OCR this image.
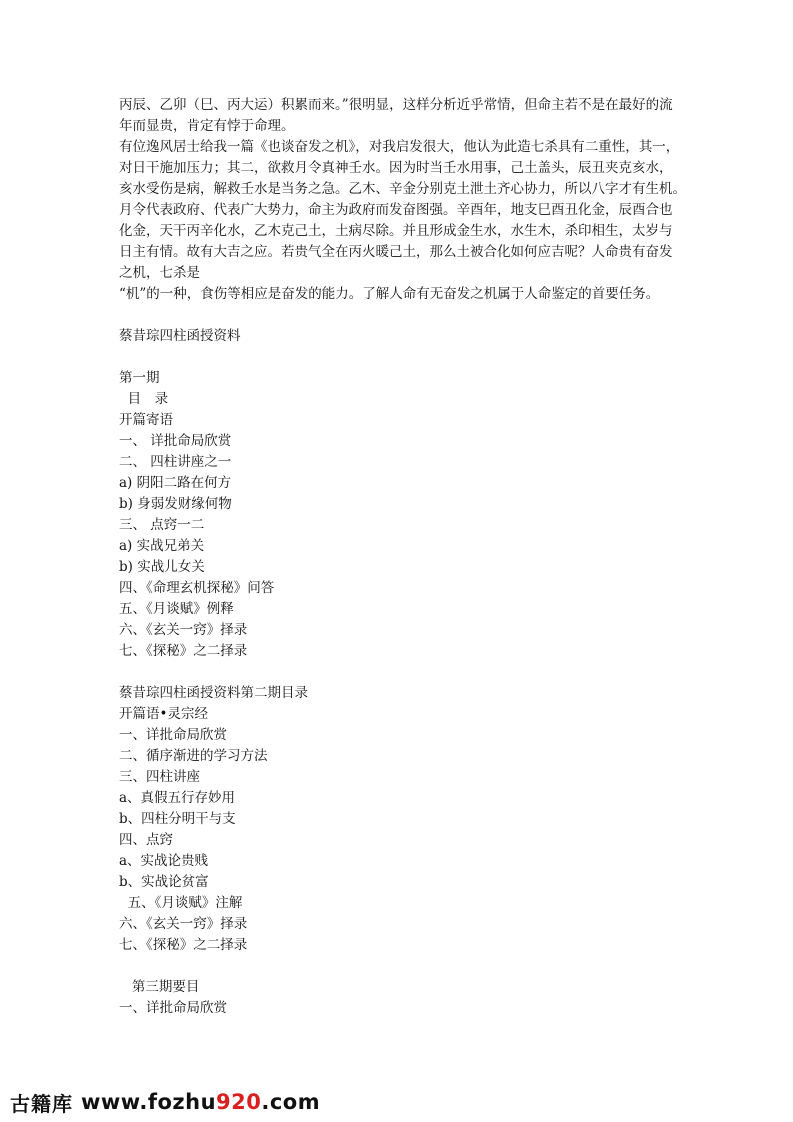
丙辰、乙卯（巳、丙大运）积累而来。”很明显，这样分析近乎常情，但命主若不是在最好的流

年而显贵，肯定有悖于命理。

有位逸风居士给我一篇《也谈奋发之机》，对我启发很大，他认为此造七杀具有二重性，其一，

对日干施加压力；其二，欲救月令真神壬水。因为时当壬水用事，己土盖头，辰丑夹克亥水，

亥水受伤是病，解救壬水是当务之急。乙木、辛金分别克土泄土齐心协力，所以八字才有生机。

月令代表政府、代表广大势力，命主为政府而发奋图强。辛酉年，地支巳酉丑化金，辰酉合也

化金，天干丙辛化水，乙木克己土，土病尽除。并且形成金生水，水生木，杀印相生，太岁与

日主有情。故有大吉之应。若贵气全在丙火暖己土，那么土被合化如何应吉呢？人命贵有奋发

之机，七杀是

“机”的一种，食伤等相应是奋发的能力。了解人命有无奋发之机属于人命鉴定的首要任务。

蔡昔琮四柱函授资料

第一期

目　录

开篇寄语

一、 详批命局欣赏

二、 四柱讲座之一

a) 阴阳二路在何方

b) 身弱发财缘何物

三、 点窍一二

a) 实战兄弟关

b) 实战儿女关

四、《命理玄机探秘》问答

五、《月谈赋》例释

六、《玄关一窍》择录

七、《探秘》之二择录

蔡昔琮四柱函授资料第二期目录

开篇语•灵宗经

一、详批命局欣赏

二、循序渐进的学习方法

三、四柱讲座

a、真假五行存妙用

b、四柱分明干与支

四、点窍

a、实战论贵贱

b、实战论贫富

五、《月谈赋》注解

六、《玄关一窍》择录

七、《探秘》之二择录

第三期要目

一、详批命局欣赏

古籍库 www.fozhu920.com
